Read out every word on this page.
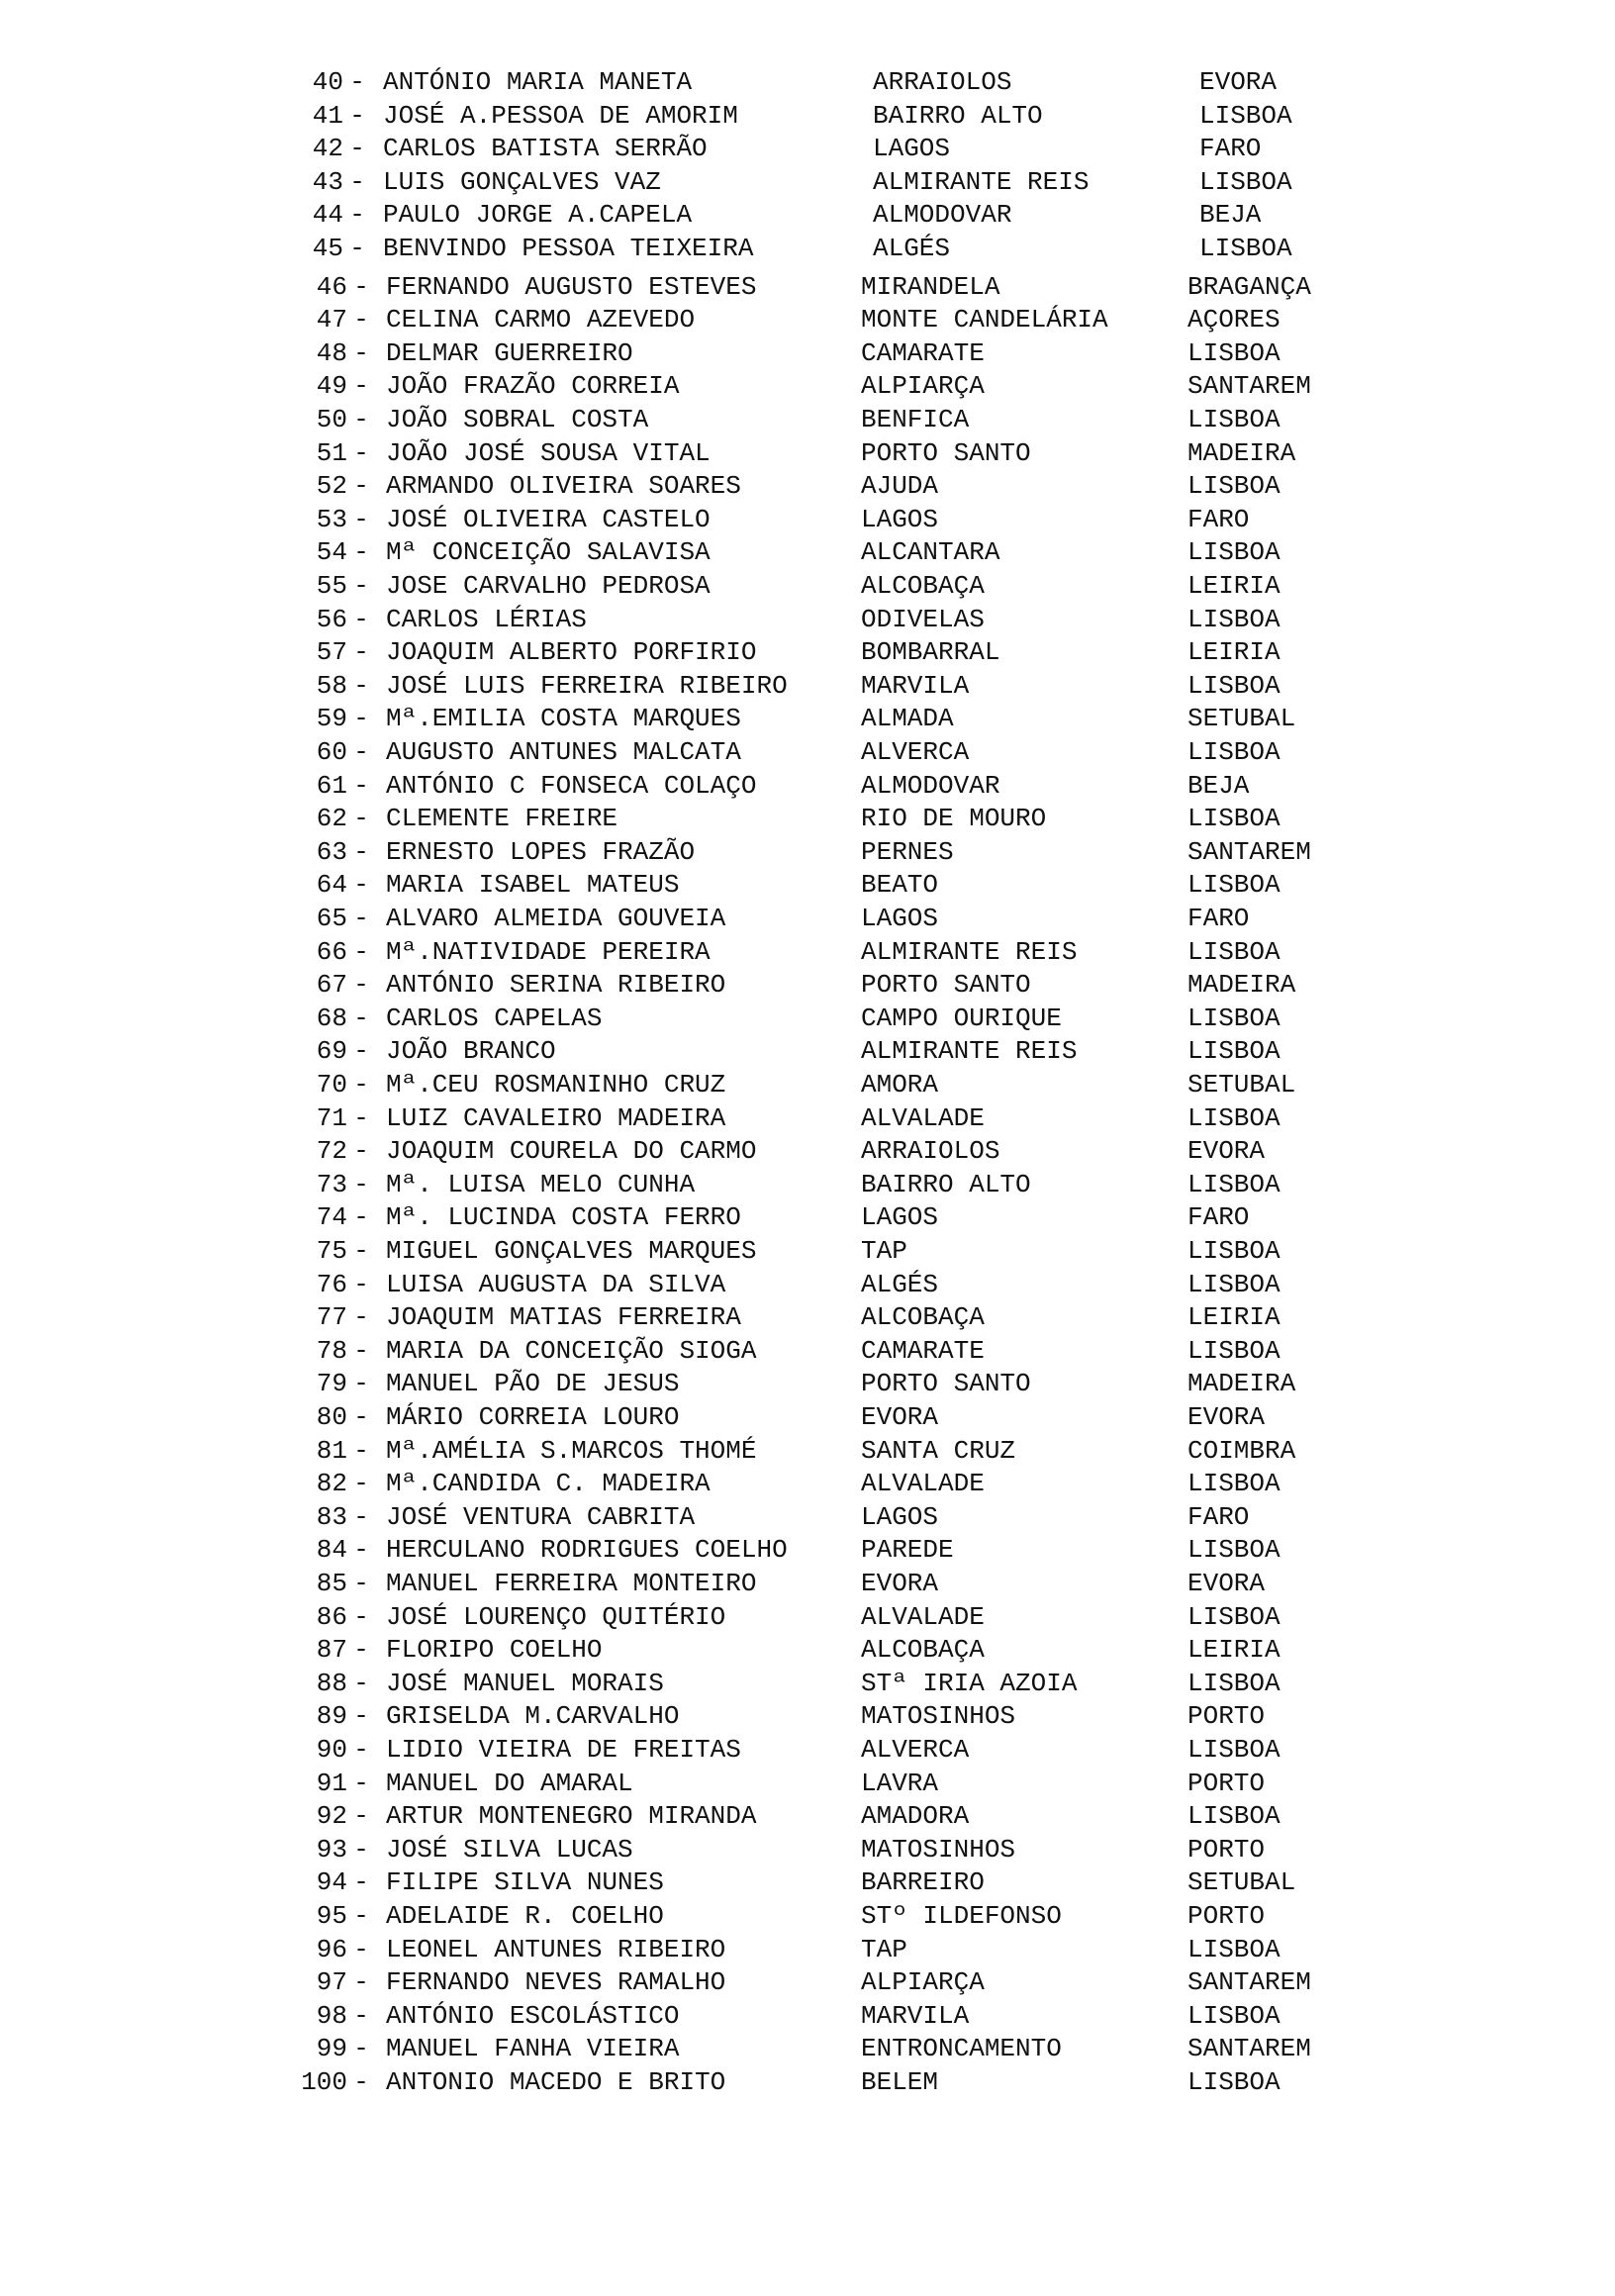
40 - ANTÓNIO MARIA MANETA	ARRAIOLOS	EVORA
41 - JOSÉ A.PESSOA DE AMORIM	BAIRRO ALTO	LISBOA
42 - CARLOS BATISTA SERRÃO	LAGOS	FARO
43 - LUIS GONÇALVES VAZ	ALMIRANTE REIS	LISBOA
44 - PAULO JORGE A.CAPELA	ALMODOVAR	BEJA
45 - BENVINDO PESSOA TEIXEIRA	ALGÉS	LISBOA
46 - FERNANDO AUGUSTO ESTEVES	MIRANDELA	BRAGANÇA
47 - CELINA CARMO AZEVEDO	MONTE CANDELÁRIA	AÇORES
48 - DELMAR GUERREIRO	CAMARATE	LISBOA
49 - JOÃO FRAZÃO CORREIA	ALPIARÇA	SANTAREM
50 - JOÃO SOBRAL COSTA	BENFICA	LISBOA
51 - JOÃO JOSÉ SOUSA VITAL	PORTO SANTO	MADEIRA
52 - ARMANDO OLIVEIRA SOARES	AJUDA	LISBOA
53 - JOSÉ OLIVEIRA CASTELO	LAGOS	FARO
54 - Mª CONCEIÇÃO SALAVISA	ALCANTARA	LISBOA
55 - JOSE CARVALHO PEDROSA	ALCOBAÇA	LEIRIA
56 - CARLOS LÉRIAS	ODIVELAS	LISBOA
57 - JOAQUIM ALBERTO PORFIRIO	BOMBARRAL	LEIRIA
58 - JOSÉ LUIS FERREIRA RIBEIRO	MARVILA	LISBOA
59 - Mª.EMILIA COSTA MARQUES	ALMADA	SETUBAL
60 - AUGUSTO ANTUNES MALCATA	ALVERCA	LISBOA
61 - ANTÓNIO C FONSECA COLAÇO	ALMODOVAR	BEJA
62 - CLEMENTE FREIRE	RIO DE MOURO	LISBOA
63 - ERNESTO LOPES FRAZÃO	PERNES	SANTAREM
64 - MARIA ISABEL MATEUS	BEATO	LISBOA
65 - ALVARO ALMEIDA GOUVEIA	LAGOS	FARO
66 - Mª.NATIVIDADE PEREIRA	ALMIRANTE REIS	LISBOA
67 - ANTÓNIO SERINA RIBEIRO	PORTO SANTO	MADEIRA
68 - CARLOS CAPELAS	CAMPO OURIQUE	LISBOA
69 - JOÃO BRANCO	ALMIRANTE REIS	LISBOA
70 - Mª.CEU ROSMANINHO CRUZ	AMORA	SETUBAL
71 - LUIZ CAVALEIRO MADEIRA	ALVALADE	LISBOA
72 - JOAQUIM COURELA DO CARMO	ARRAIOLOS	EVORA
73 - Mª. LUISA MELO CUNHA	BAIRRO ALTO	LISBOA
74 - Mª. LUCINDA COSTA FERRO	LAGOS	FARO
75 - MIGUEL GONÇALVES MARQUES	TAP	LISBOA
76 - LUISA AUGUSTA DA SILVA	ALGÉS	LISBOA
77 - JOAQUIM MATIAS FERREIRA	ALCOBAÇA	LEIRIA
78 - MARIA DA CONCEIÇÃO SIOGA	CAMARATE	LISBOA
79 - MANUEL PÃO DE JESUS	PORTO SANTO	MADEIRA
80 - MÁRIO CORREIA LOURO	EVORA	EVORA
81 - Mª.AMÉLIA S.MARCOS THOMÉ	SANTA CRUZ	COIMBRA
82 - Mª.CANDIDA C. MADEIRA	ALVALADE	LISBOA
83 - JOSÉ VENTURA CABRITA	LAGOS	FARO
84 - HERCULANO RODRIGUES COELHO	PAREDE	LISBOA
85 - MANUEL FERREIRA MONTEIRO	EVORA	EVORA
86 - JOSÉ LOURENÇO QUITÉRIO	ALVALADE	LISBOA
87 - FLORIPO COELHO	ALCOBAÇA	LEIRIA
88 - JOSÉ MANUEL MORAIS	STª IRIA AZOIA	LISBOA
89 - GRISELDA M.CARVALHO	MATOSINHOS	PORTO
90 - LIDIO VIEIRA DE FREITAS	ALVERCA	LISBOA
91 - MANUEL DO AMARAL	LAVRA	PORTO
92 - ARTUR MONTENEGRO MIRANDA	AMADORA	LISBOA
93 - JOSÉ SILVA LUCAS	MATOSINHOS	PORTO
94 - FILIPE SILVA NUNES	BARREIRO	SETUBAL
95 - ADELAIDE R. COELHO	STº ILDEFONSO	PORTO
96 - LEONEL ANTUNES RIBEIRO	TAP	LISBOA
97 - FERNANDO NEVES RAMALHO	ALPIARÇA	SANTAREM
98 - ANTÓNIO ESCOLÁSTICO	MARVILA	LISBOA
99 - MANUEL FANHA VIEIRA	ENTRONCAMENTO	SANTAREM
100 - ANTONIO MACEDO E BRITO	BELEM	LISBOA
